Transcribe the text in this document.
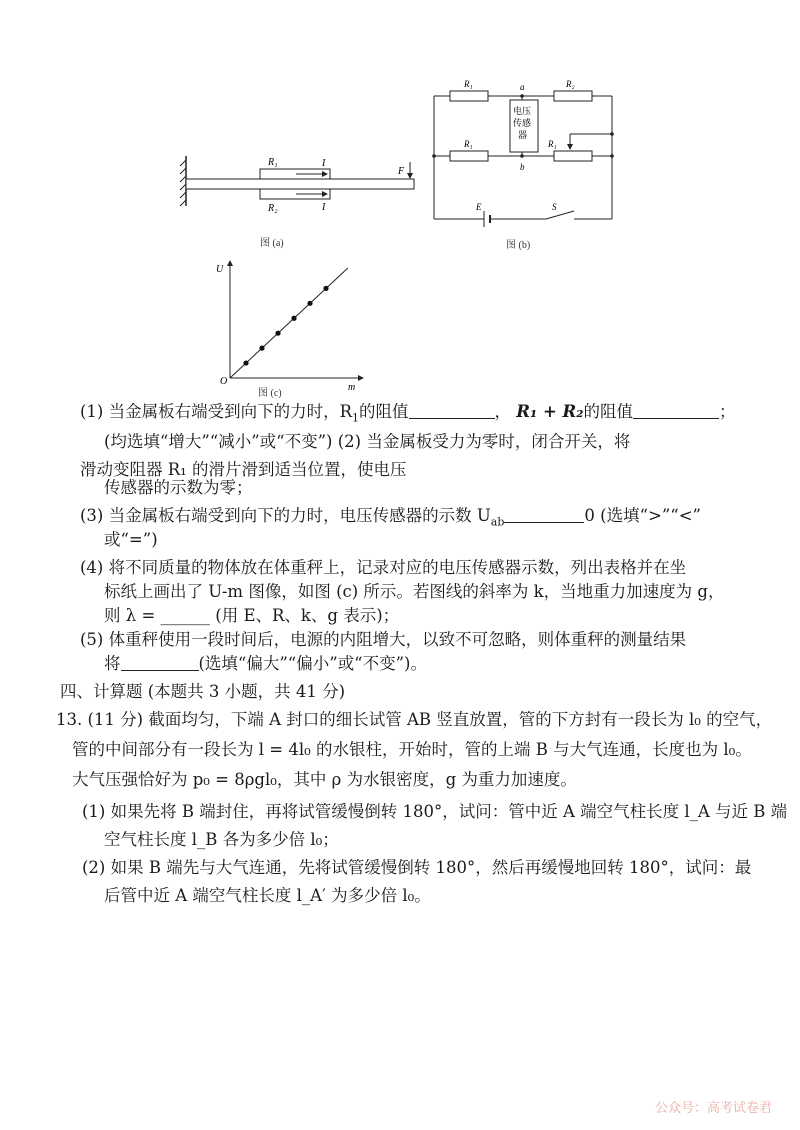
R₁
R₂
I
I
F
图 (a)
R₁	R₂
R₁	R₁
a
b
电压
传感
器
E	S
图 (b)
U
m
O
图 (c)
(1) 当金属板右端受到向下的力时，$R_1$的阻值	， R₁ + R₂的阻值	；
(均选填“增大”“减小”或“不变”) (2) 当金属板受力为零时，闭合开关，将
滑动变阻器 R₁ 的滑片滑到适当位置，使电压
传感器的示数为零；
(3) 当金属板右端受到向下的力时，电压传感器的示数 $U_{ab}$	0 (选填“>”“<”
或“=”)
(4) 将不同质量的物体放在体重秤上，记录对应的电压传感器示数，列出表格并在坐
标纸上画出了 U-m 图像，如图 (c) 所示。若图线的斜率为 k，当地重力加速度为 g，
则 λ = ______ (用 E、R、k、g 表示)；
(5) 体重秤使用一段时间后，电源的内阻增大，以致不可忽略，则体重秤的测量结果
将	(选填“偏大”“偏小”或“不变”)。
四、计算题 (本题共 3 小题，共 41 分)
13. (11 分) 截面均匀，下端 A 封口的细长试管 AB 竖直放置，管的下方封有一段长为 l₀ 的空气，
管的中间部分有一段长为 l = 4l₀ 的水银柱，开始时，管的上端 B 与大气连通，长度也为 l₀。
大气压强恰好为 p₀ = 8ρgl₀，其中 ρ 为水银密度，g 为重力加速度。
(1) 如果先将 B 端封住，再将试管缓慢倒转 180°，试问：管中近 A 端空气柱长度 l_A 与近 B 端
空气柱长度 l_B 各为多少倍 l₀；
(2) 如果 B 端先与大气连通，先将试管缓慢倒转 180°，然后再缓慢地回转 180°，试问：最
后管中近 A 端空气柱长度 l_A′ 为多少倍 l₀。
公众号：高考试卷君
